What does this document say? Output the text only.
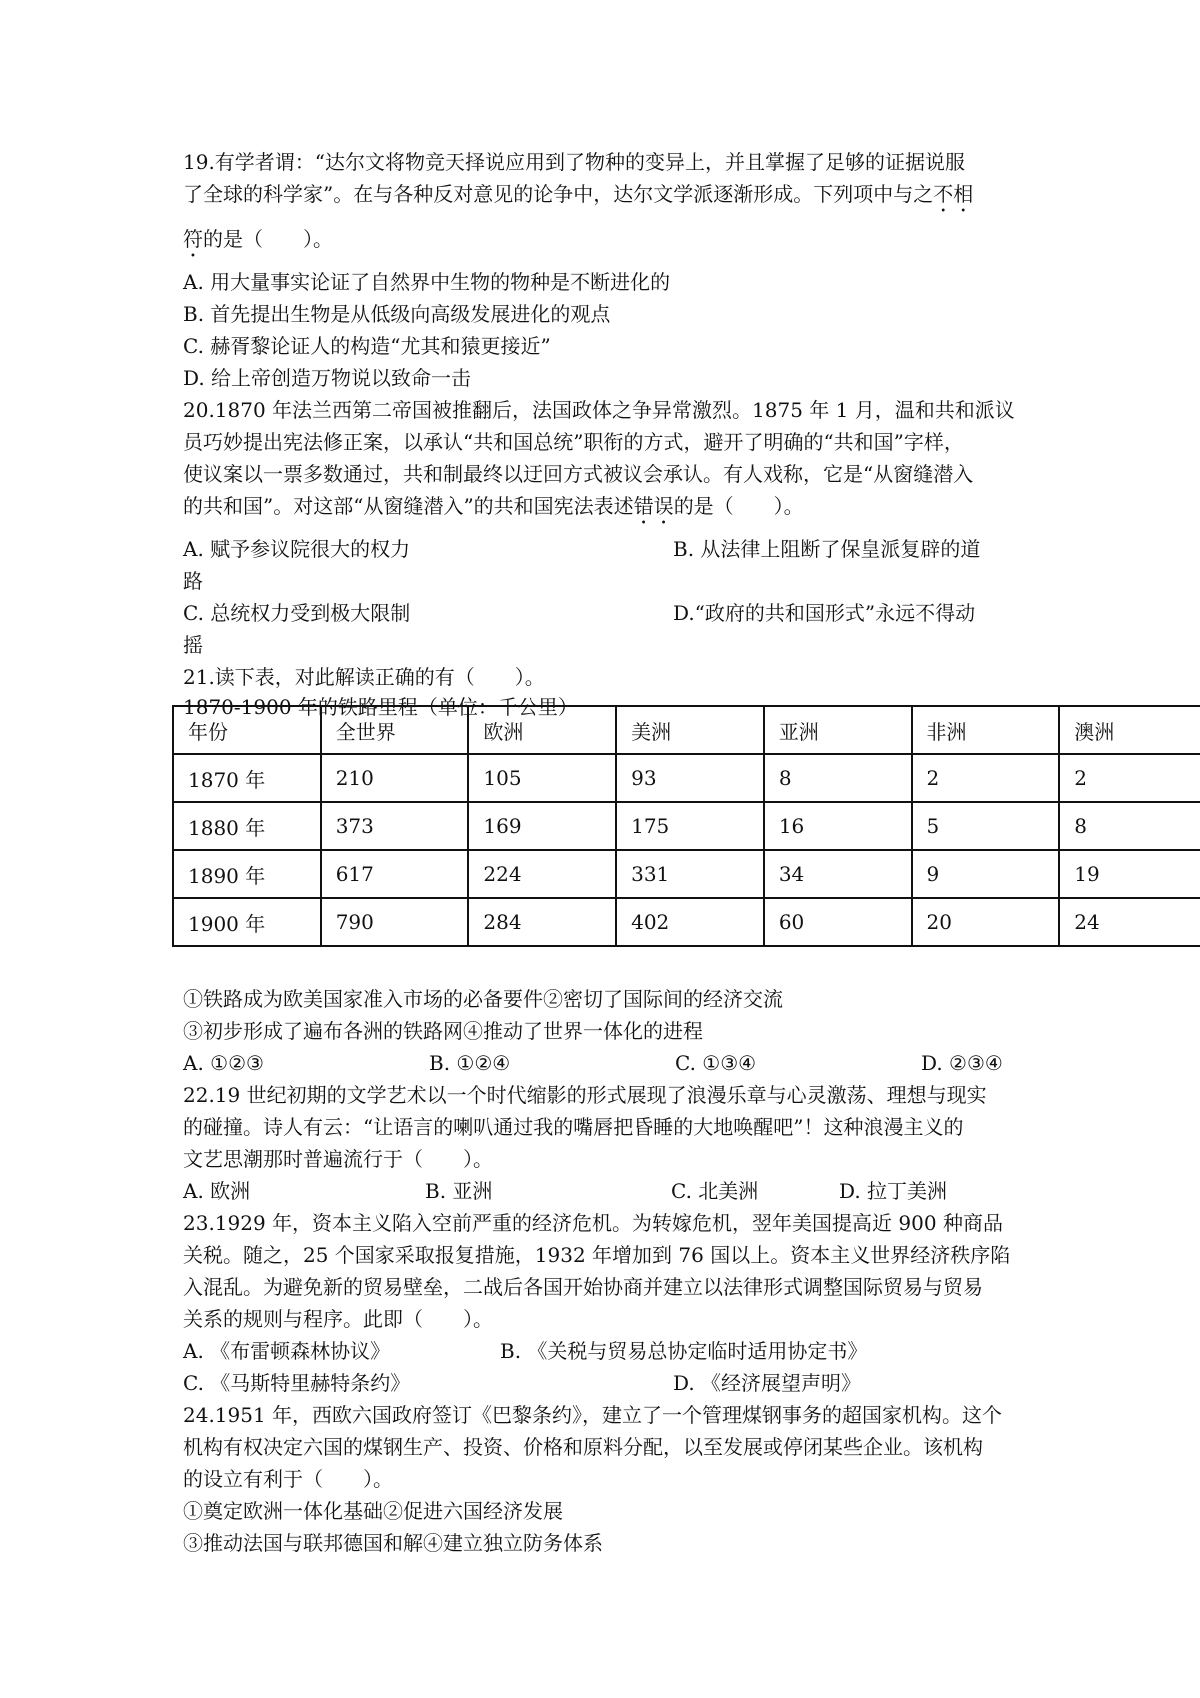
19.有学者谓：“达尔文将物竞天择说应用到了物种的变异上，并且掌握了足够的证据说服

了全球的科学家”。在与各种反对意见的论争中，达尔文学派逐渐形成。下列项中与之不相

符的是（　　）。

A. 用大量事实论证了自然界中生物的物种是不断进化的

B. 首先提出生物是从低级向高级发展进化的观点

C. 赫胥黎论证人的构造“尤其和猿更接近”

D. 给上帝创造万物说以致命一击

20.1870 年法兰西第二帝国被推翻后，法国政体之争异常激烈。1875 年 1 月，温和共和派议

员巧妙提出宪法修正案，以承认“共和国总统”职衔的方式，避开了明确的“共和国”字样，

使议案以一票多数通过，共和制最终以迂回方式被议会承认。有人戏称，它是“从窗缝潜入

的共和国”。对这部“从窗缝潜入”的共和国宪法表述错误的是（　　）。

A. 赋予参议院很大的权力	B. 从法律上阻断了保皇派复辟的道

路

C. 总统权力受到极大限制	D.“政府的共和国形式”永远不得动

摇

21.读下表，对此解读正确的有（　　）。

1870-1900 年的铁路里程（单位：千公里）

年份	全世界	欧洲	美洲	亚洲	非洲	澳洲
1870 年	210	105	93	8	2	2
1880 年	373	169	175	16	5	8
1890 年	617	224	331	34	9	19
1900 年	790	284	402	60	20	24

①铁路成为欧美国家准入市场的必备要件②密切了国际间的经济交流

③初步形成了遍布各洲的铁路网④推动了世界一体化的进程

A. ①②③	B. ①②④	C. ①③④	D. ②③④

22.19 世纪初期的文学艺术以一个时代缩影的形式展现了浪漫乐章与心灵激荡、理想与现实

的碰撞。诗人有云：“让语言的喇叭通过我的嘴唇把昏睡的大地唤醒吧”！这种浪漫主义的

文艺思潮那时普遍流行于（　　）。

A. 欧洲	B. 亚洲	C. 北美洲	D. 拉丁美洲

23.1929 年，资本主义陷入空前严重的经济危机。为转嫁危机，翌年美国提高近 900 种商品

关税。随之，25 个国家采取报复措施，1932 年增加到 76 国以上。资本主义世界经济秩序陷

入混乱。为避免新的贸易壁垒，二战后各国开始协商并建立以法律形式调整国际贸易与贸易

关系的规则与程序。此即（　　）。

A. 《布雷顿森林协议》	B. 《关税与贸易总协定临时适用协定书》

C. 《马斯特里赫特条约》	D. 《经济展望声明》

24.1951 年，西欧六国政府签订《巴黎条约》，建立了一个管理煤钢事务的超国家机构。这个

机构有权决定六国的煤钢生产、投资、价格和原料分配，以至发展或停闭某些企业。该机构

的设立有利于（　　）。

①奠定欧洲一体化基础②促进六国经济发展

③推动法国与联邦德国和解④建立独立防务体系
